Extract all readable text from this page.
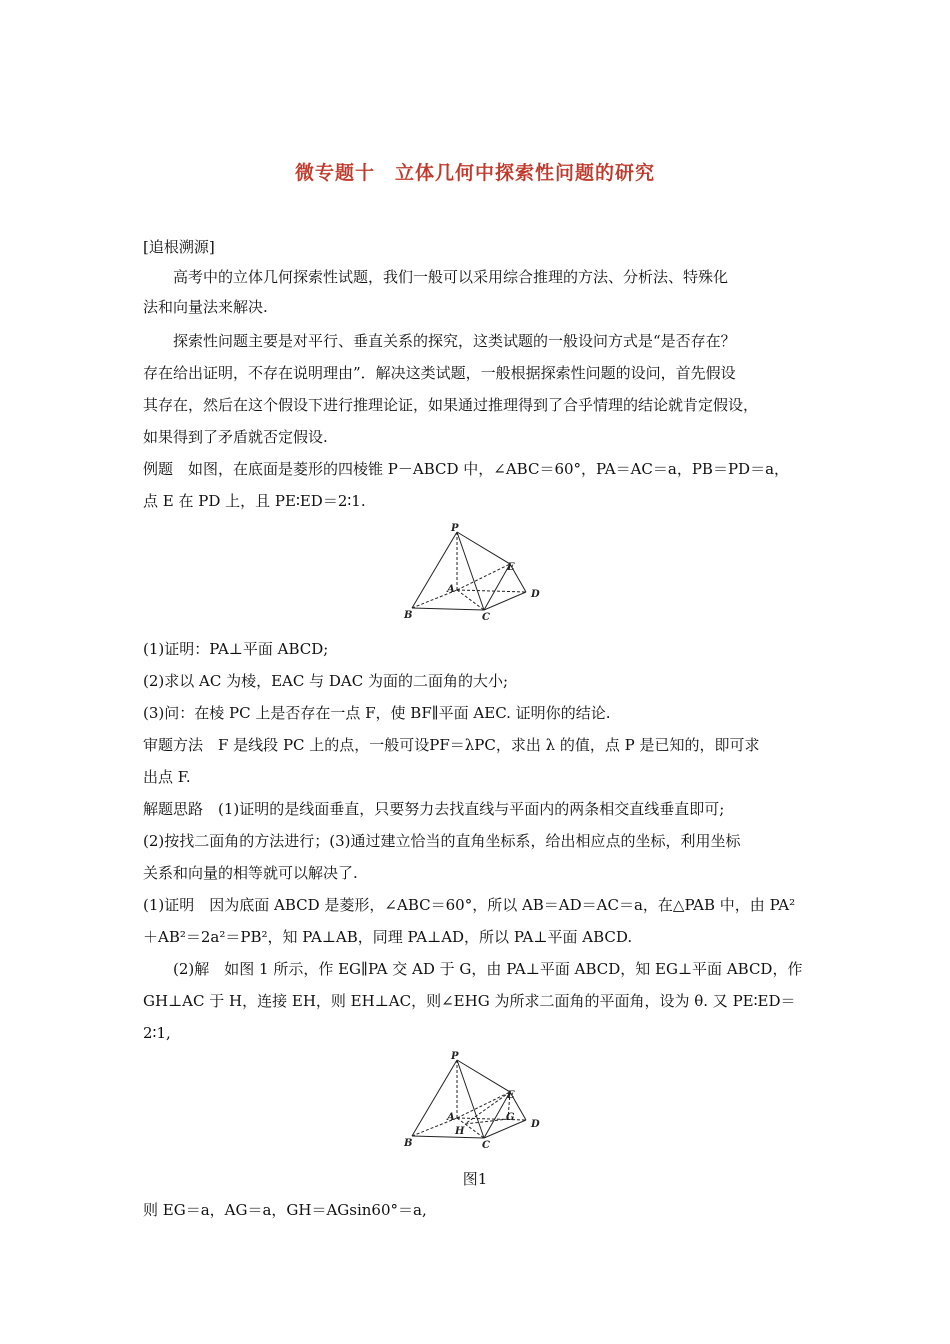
微专题十　立体几何中探索性问题的研究
[追根溯源]
　　高考中的立体几何探索性试题，我们一般可以采用综合推理的方法、分析法、特殊化
法和向量法来解决.
　　探索性问题主要是对平行、垂直关系的探究，这类试题的一般设问方式是“是否存在？
存在给出证明，不存在说明理由”．解决这类试题，一般根据探索性问题的设问，首先假设
其存在，然后在这个假设下进行推理论证，如果通过推理得到了合乎情理的结论就肯定假设，
如果得到了矛盾就否定假设.
例题　如图，在底面是菱形的四棱锥 P－ABCD 中，∠ABC＝60°，PA＝AC＝a，PB＝PD＝a，
点 E 在 PD 上，且 PE∶ED＝2∶1.
P
E
A	D
B	C
(1)证明：PA⊥平面 ABCD;
(2)求以 AC 为棱，EAC 与 DAC 为面的二面角的大小;
(3)问：在棱 PC 上是否存在一点 F，使 BF∥平面 AEC. 证明你的结论.
审题方法　F 是线段 PC 上的点，一般可设PF＝λPC，求出 λ 的值，点 P 是已知的，即可求
出点 F.
解题思路　(1)证明的是线面垂直，只要努力去找直线与平面内的两条相交直线垂直即可;
(2)按找二面角的方法进行；(3)通过建立恰当的直角坐标系，给出相应点的坐标，利用坐标
关系和向量的相等就可以解决了.
(1)证明　因为底面 ABCD 是菱形，∠ABC＝60°，所以 AB＝AD＝AC＝a，在△PAB 中，由 PA²
＋AB²＝2a²＝PB²，知 PA⊥AB，同理 PA⊥AD，所以 PA⊥平面 ABCD.
　　(2)解　如图 1 所示，作 EG∥PA 交 AD 于 G，由 PA⊥平面 ABCD，知 EG⊥平面 ABCD，作
GH⊥AC 于 H，连接 EH，则 EH⊥AC，则∠EHG 为所求二面角的平面角，设为 θ. 又 PE∶ED＝
2∶1,
P
E
A	G
H
D
B	C
图1
则 EG＝a，AG＝a，GH＝AGsin60°＝a,
